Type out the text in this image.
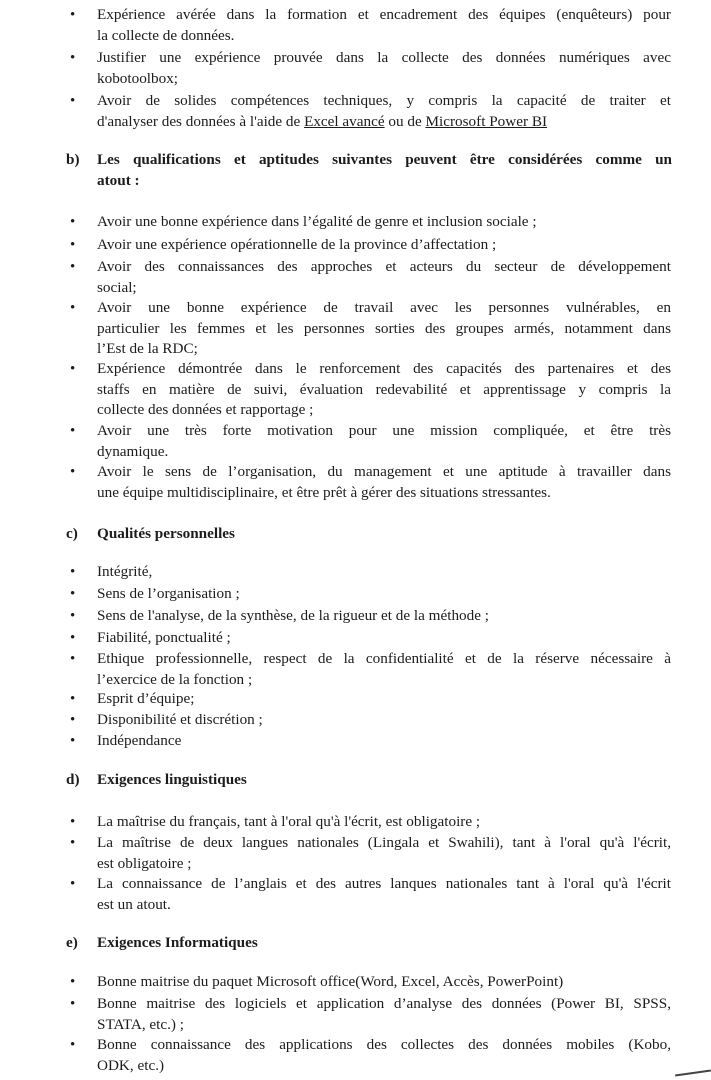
• Expérience avérée dans la formation et encadrement des équipes (enquêteurs) pour
la collecte de données.
• Justifier une expérience prouvée dans la collecte des données numériques avec
kobotoolbox;
• Avoir de solides compétences techniques, y compris la capacité de traiter et
d'analyser des données à l'aide de Excel avancé ou de Microsoft Power BI
b) Les qualifications et aptitudes suivantes peuvent être considérées comme un
atout :
• Avoir une bonne expérience dans l’égalité de genre et inclusion sociale ;
• Avoir une expérience opérationnelle de la province d’affectation ;
• Avoir des connaissances des approches et acteurs du secteur de développement
social;
• Avoir une bonne expérience de travail avec les personnes vulnérables, en
particulier les femmes et les personnes sorties des groupes armés, notamment dans
l’Est de la RDC;
• Expérience démontrée dans le renforcement des capacités des partenaires et des
staffs en matière de suivi, évaluation redevabilité et apprentissage y compris la
collecte des données et rapportage ;
• Avoir une très forte motivation pour une mission compliquée, et être très
dynamique.
• Avoir le sens de l’organisation, du management et une aptitude à travailler dans
une équipe multidisciplinaire, et être prêt à gérer des situations stressantes.
c) Qualités personnelles
• Intégrité,
• Sens de l’organisation ;
• Sens de l'analyse, de la synthèse, de la rigueur et de la méthode ;
• Fiabilité, ponctualité ;
• Ethique professionnelle, respect de la confidentialité et de la réserve nécessaire à
l’exercice de la fonction ;
• Esprit d’équipe;
• Disponibilité et discrétion ;
• Indépendance
d) Exigences linguistiques
• La maîtrise du français, tant à l'oral qu'à l'écrit, est obligatoire ;
• La maîtrise de deux langues nationales (Lingala et Swahili), tant à l'oral qu'à l'écrit,
est obligatoire ;
• La connaissance de l’anglais et des autres lanques nationales tant à l'oral qu'à l'écrit
est un atout.
e) Exigences Informatiques
• Bonne maitrise du paquet Microsoft office(Word, Excel, Accès, PowerPoint)
• Bonne maitrise des logiciels et application d’analyse des données (Power BI, SPSS,
STATA, etc.) ;
• Bonne connaissance des applications des collectes des données mobiles (Kobo,
ODK, etc.)
